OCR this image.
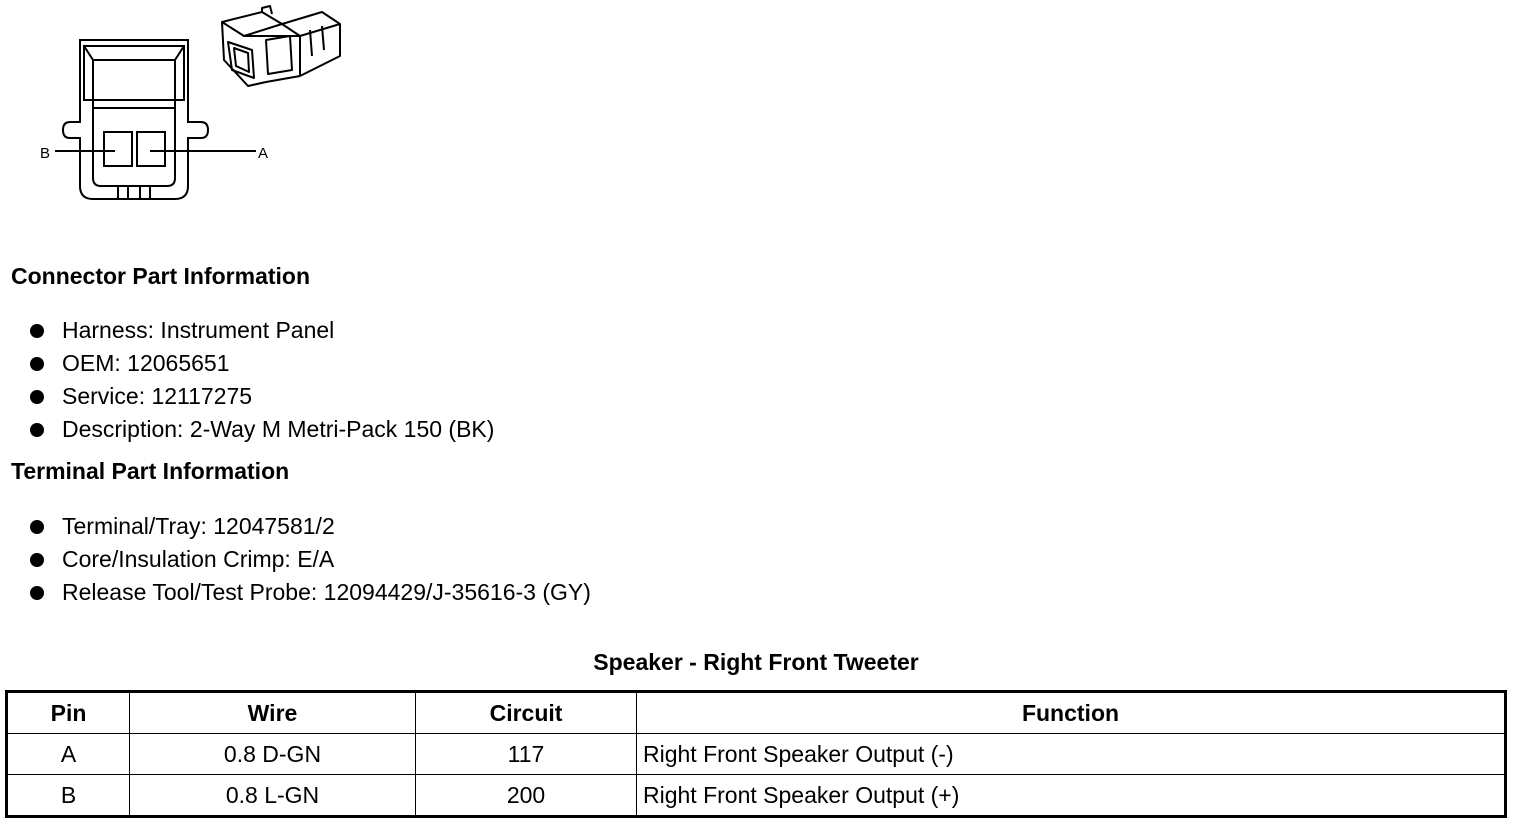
B	A
Connector Part Information
Harness: Instrument Panel
OEM: 12065651
Service: 12117275
Description: 2-Way M Metri-Pack 150 (BK)
Terminal Part Information
Terminal/Tray: 12047581/2
Core/Insulation Crimp: E/A
Release Tool/Test Probe: 12094429/J-35616-3 (GY)
Speaker - Right Front Tweeter
Pin	Wire	Circuit	Function
A	0.8 D-GN	117	Right Front Speaker Output (-)
B	0.8 L-GN	200	Right Front Speaker Output (+)
